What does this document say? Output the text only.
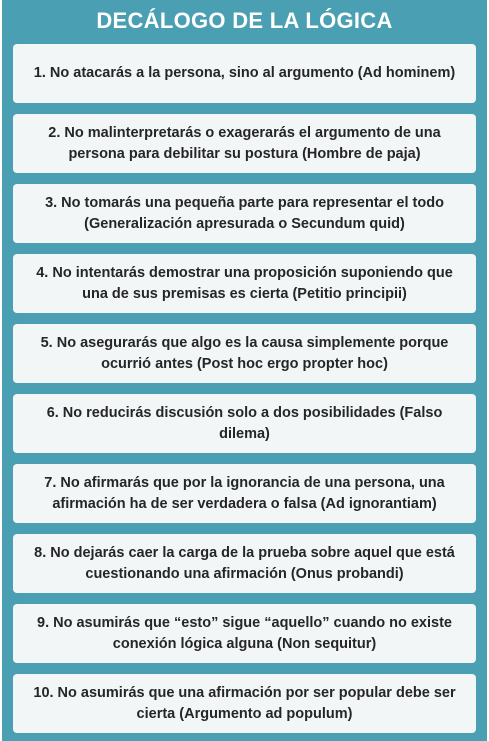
DECÁLOGO DE LA LÓGICA
1. No atacarás a la persona, sino al argumento (Ad hominem)
2. No malinterpretarás o exagerarás el argumento de una persona para debilitar su postura (Hombre de paja)
3. No tomarás una pequeña parte para representar el todo (Generalización apresurada o Secundum quid)
4. No intentarás demostrar una proposición suponiendo que una de sus premisas es cierta (Petitio principii)
5. No asegurarás que algo es la causa simplemente porque ocurrió antes (Post hoc ergo propter hoc)
6. No reducirás discusión solo a dos posibilidades (Falso dilema)
7. No afirmarás que por la ignorancia de una persona, una afirmación ha de ser verdadera o falsa (Ad ignorantiam)
8. No dejarás caer la carga de la prueba sobre aquel que está cuestionando una afirmación (Onus probandi)
9. No asumirás que “esto” sigue “aquello” cuando no existe conexión lógica alguna (Non sequitur)
10. No asumirás que una afirmación por ser popular debe ser cierta (Argumento ad populum)
